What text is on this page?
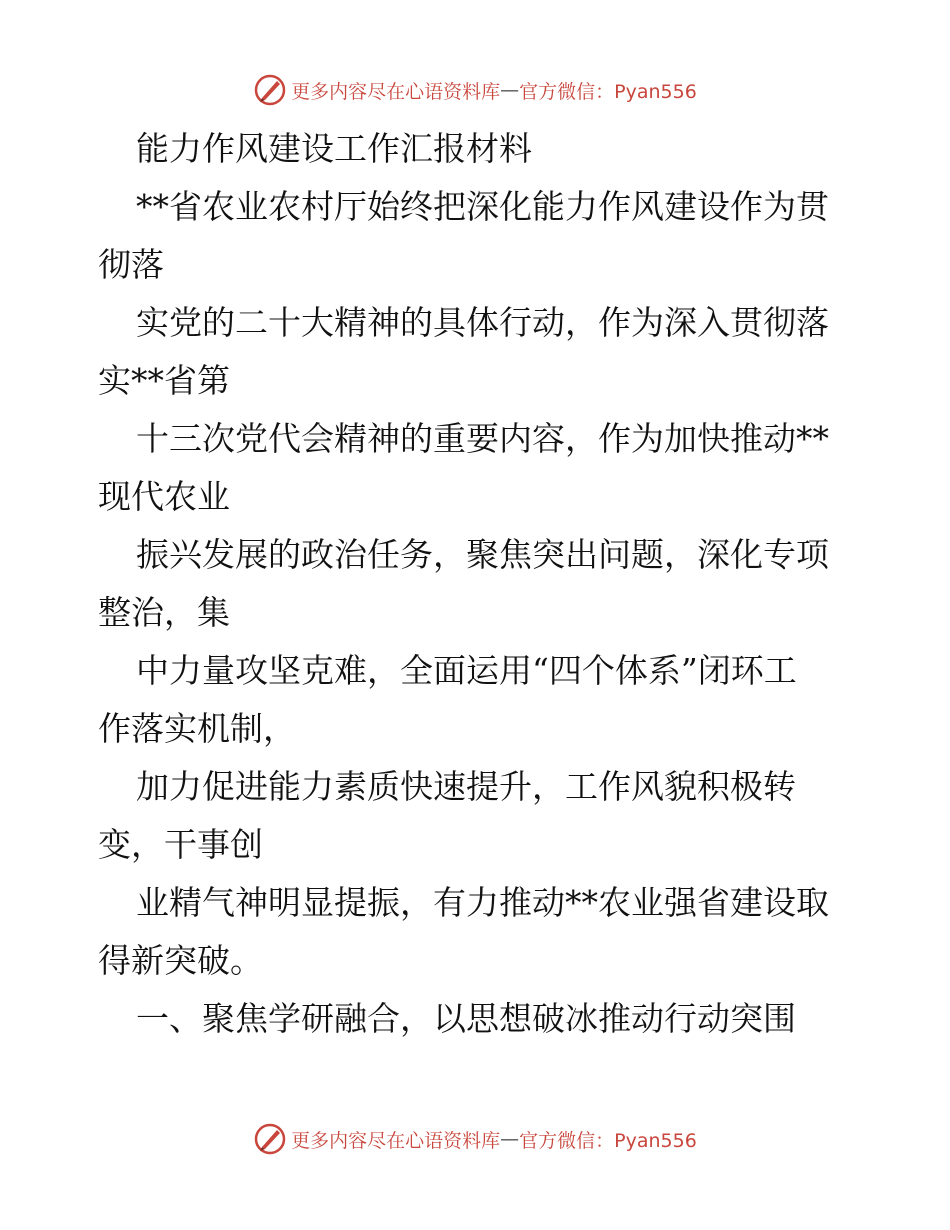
更多内容尽在心语资料库 — 官方微信：Pyan556

能力作风建设工作汇报材料

**省农业农村厅始终把深化能力作风建设作为贯

彻落

实党的二十大精神的具体行动，作为深入贯彻落

实**省第

十三次党代会精神的重要内容，作为加快推动**

现代农业

振兴发展的政治任务，聚焦突出问题，深化专项

整治，集

中力量攻坚克难，全面运用“四个体系”闭环工

作落实机制，

加力促进能力素质快速提升，工作风貌积极转

变，干事创

业精气神明显提振，有力推动**农业强省建设取

得新突破。

一、聚焦学研融合，以思想破冰推动行动突围

更多内容尽在心语资料库 — 官方微信：Pyan556
